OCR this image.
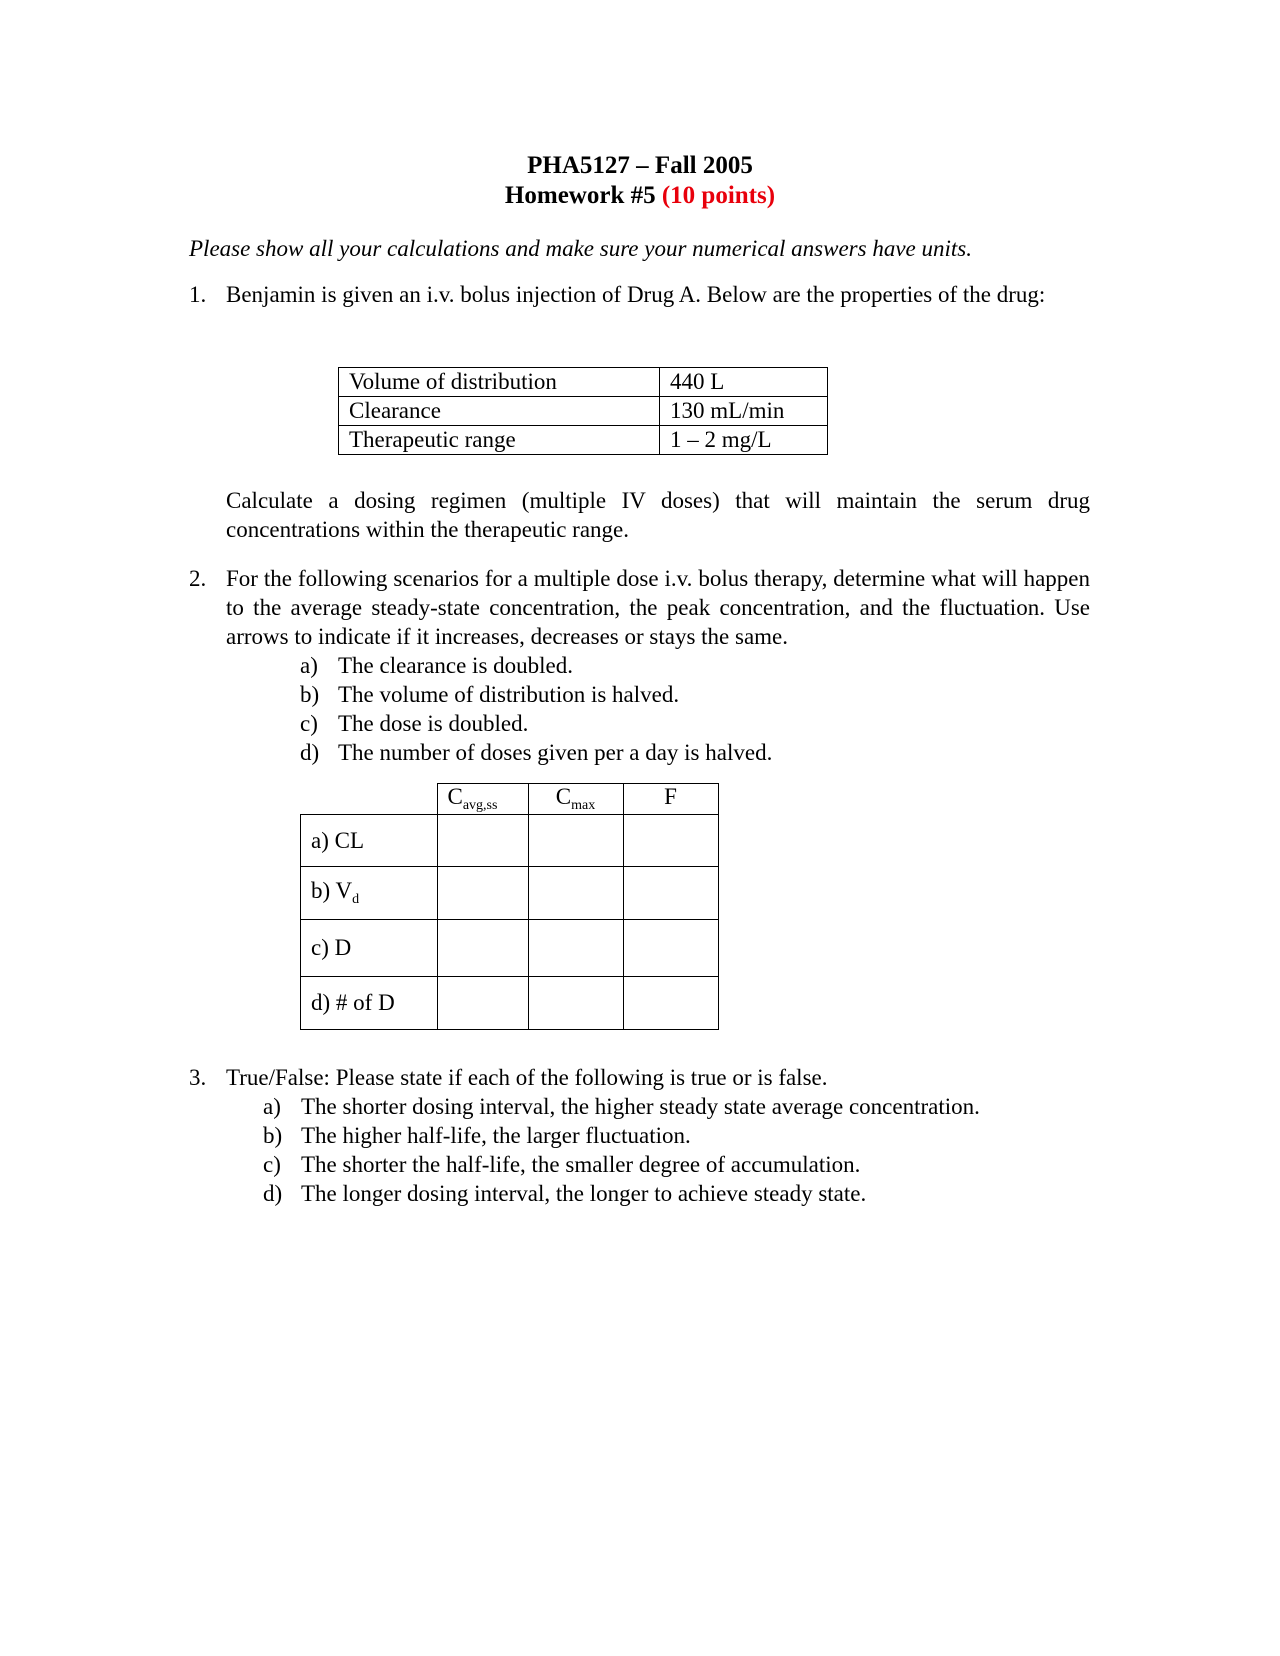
PHA5127 – Fall 2005
Homework #5 (10 points)
Please show all your calculations and make sure your numerical answers have units.
1. Benjamin is given an i.v. bolus injection of Drug A. Below are the properties of the drug:
Volume of distribution	440 L
Clearance	130 mL/min
Therapeutic range	1 – 2 mg/L
Calculate a dosing regimen (multiple IV doses) that will maintain the serum drug concentrations within the therapeutic range.
2. For the following scenarios for a multiple dose i.v. bolus therapy, determine what will happen to the average steady-state concentration, the peak concentration, and the fluctuation. Use arrows to indicate if it increases, decreases or stays the same.
a) The clearance is doubled.
b) The volume of distribution is halved.
c) The dose is doubled.
d) The number of doses given per a day is halved.
	$C_{avg,ss}$	$C_{max}$	F
a) CL			
b) $V_d$			
c) D			
d) # of D			
3. True/False: Please state if each of the following is true or is false.
a) The shorter dosing interval, the higher steady state average concentration.
b) The higher half-life, the larger fluctuation.
c) The shorter the half-life, the smaller degree of accumulation.
d) The longer dosing interval, the longer to achieve steady state.
